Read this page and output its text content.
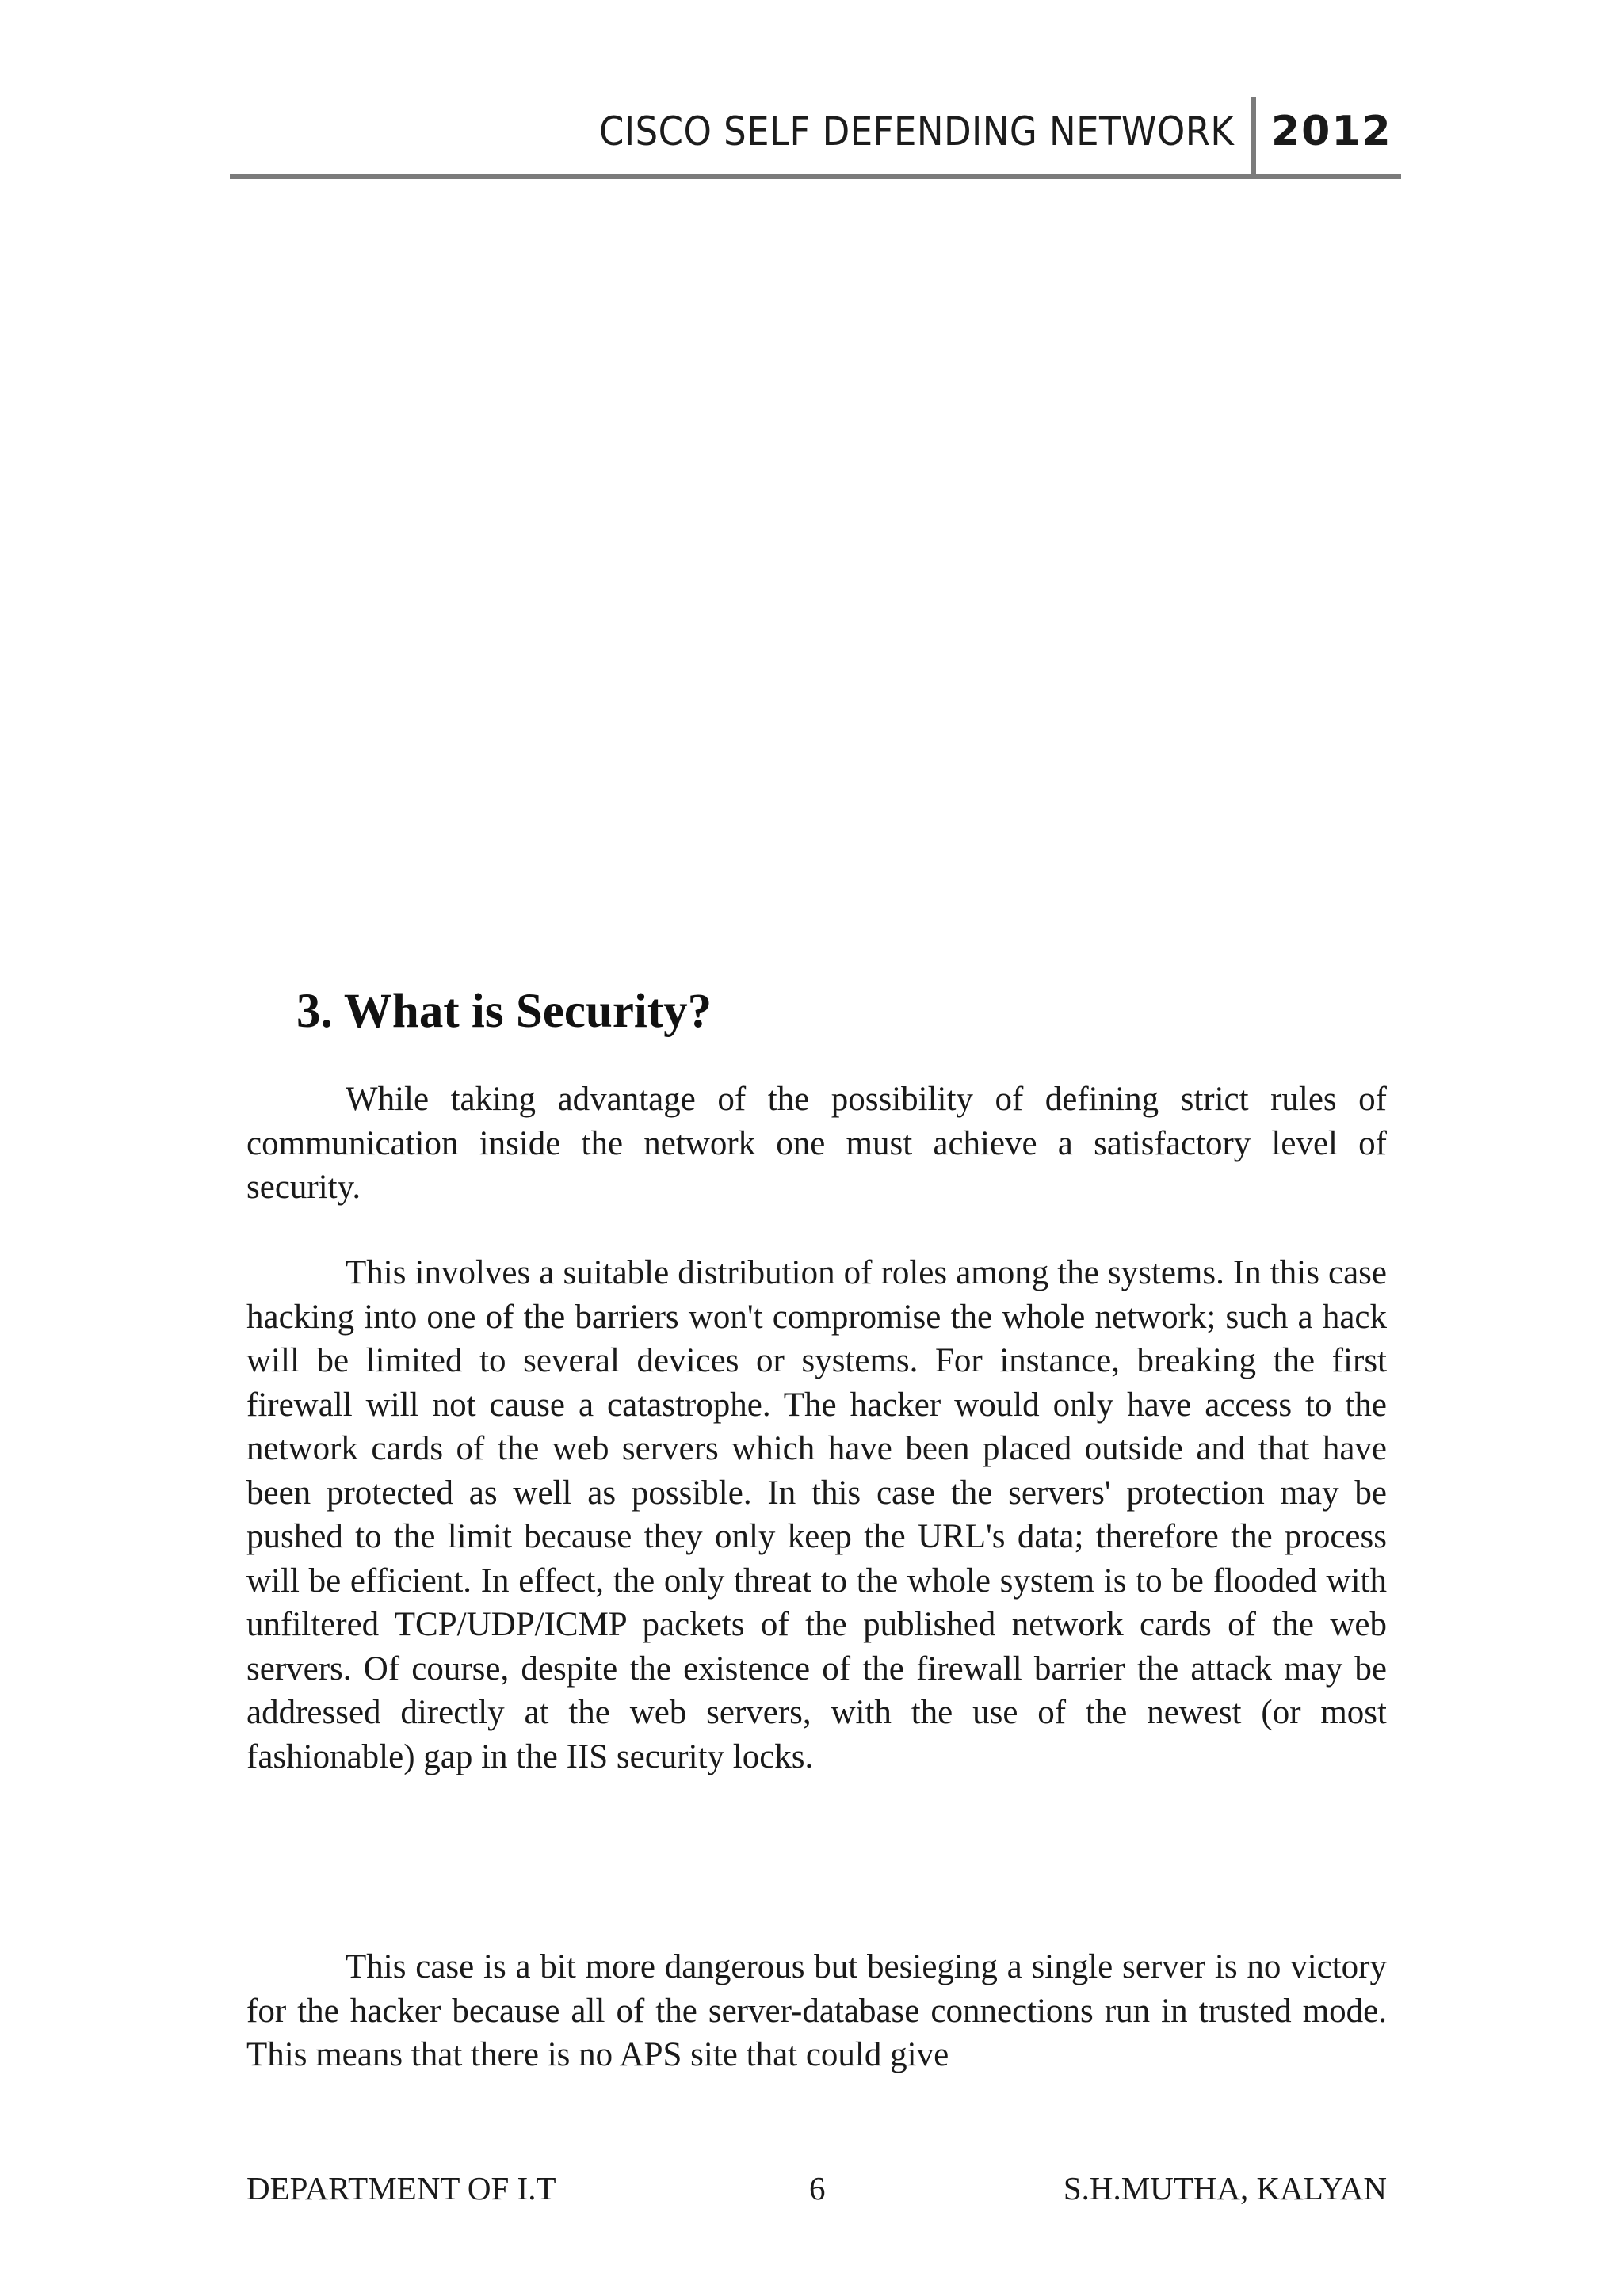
CISCO SELF DEFENDING NETWORK 2012
3. What is Security?

While taking advantage of the possibility of defining strict rules of communication inside the network one must achieve a satisfactory level of security.

This involves a suitable distribution of roles among the systems. In this case hacking into one of the barriers won't compromise the whole network; such a hack will be limited to several devices or systems. For instance, breaking the first firewall will not cause a catastrophe. The hacker would only have access to the network cards of the web servers which have been placed outside and that have been protected as well as possible. In this case the servers' protection may be pushed to the limit because they only keep the URL's data; therefore the process will be efficient. In effect, the only threat to the whole system is to be flooded with unfiltered TCP/UDP/ICMP packets of the published network cards of the web servers. Of course, despite the existence of the firewall barrier the attack may be addressed directly at the web servers, with the use of the newest (or most fashionable) gap in the IIS security locks.

This case is a bit more dangerous but besieging a single server is no victory for the hacker because all of the server-database connections run in trusted mode. This means that there is no APS site that could give

DEPARTMENT OF I.T	6	S.H.MUTHA, KALYAN
